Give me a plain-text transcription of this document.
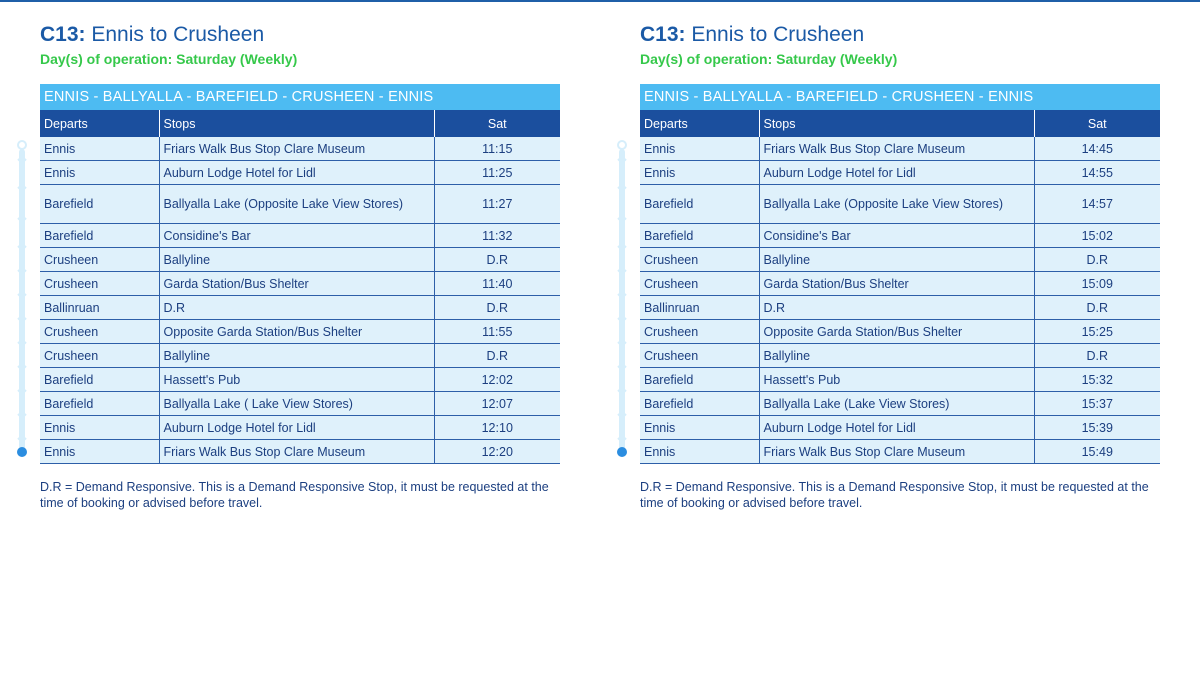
C13: Ennis to Crusheen
Day(s) of operation: Saturday (Weekly)
ENNIS - BALLYALLA - BAREFIELD - CRUSHEEN - ENNIS
Departs	Stops	Sat
Ennis	Friars Walk Bus Stop Clare Museum	11:15
Ennis	Auburn Lodge Hotel for Lidl	11:25
Barefield	Ballyalla Lake (Opposite Lake View Stores)	11:27
Barefield	Considine's Bar	11:32
Crusheen	Ballyline	D.R
Crusheen	Garda Station/Bus Shelter	11:40
Ballinruan	D.R	D.R
Crusheen	Opposite Garda Station/Bus Shelter	11:55
Crusheen	Ballyline	D.R
Barefield	Hassett's Pub	12:02
Barefield	Ballyalla Lake ( Lake View Stores)	12:07
Ennis	Auburn Lodge Hotel for Lidl	12:10
Ennis	Friars Walk Bus Stop Clare Museum	12:20
D.R = Demand Responsive. This is a Demand Responsive Stop, it must be requested at the time of booking or advised before travel.
C13: Ennis to Crusheen
Day(s) of operation: Saturday (Weekly)
ENNIS - BALLYALLA - BAREFIELD - CRUSHEEN - ENNIS
Departs	Stops	Sat
Ennis	Friars Walk Bus Stop Clare Museum	14:45
Ennis	Auburn Lodge Hotel for Lidl	14:55
Barefield	Ballyalla Lake (Opposite Lake View Stores)	14:57
Barefield	Considine's Bar	15:02
Crusheen	Ballyline	D.R
Crusheen	Garda Station/Bus Shelter	15:09
Ballinruan	D.R	D.R
Crusheen	Opposite Garda Station/Bus Shelter	15:25
Crusheen	Ballyline	D.R
Barefield	Hassett's Pub	15:32
Barefield	Ballyalla Lake (Lake View Stores)	15:37
Ennis	Auburn Lodge Hotel for Lidl	15:39
Ennis	Friars Walk Bus Stop Clare Museum	15:49
D.R = Demand Responsive. This is a Demand Responsive Stop, it must be requested at the time of booking or advised before travel.
